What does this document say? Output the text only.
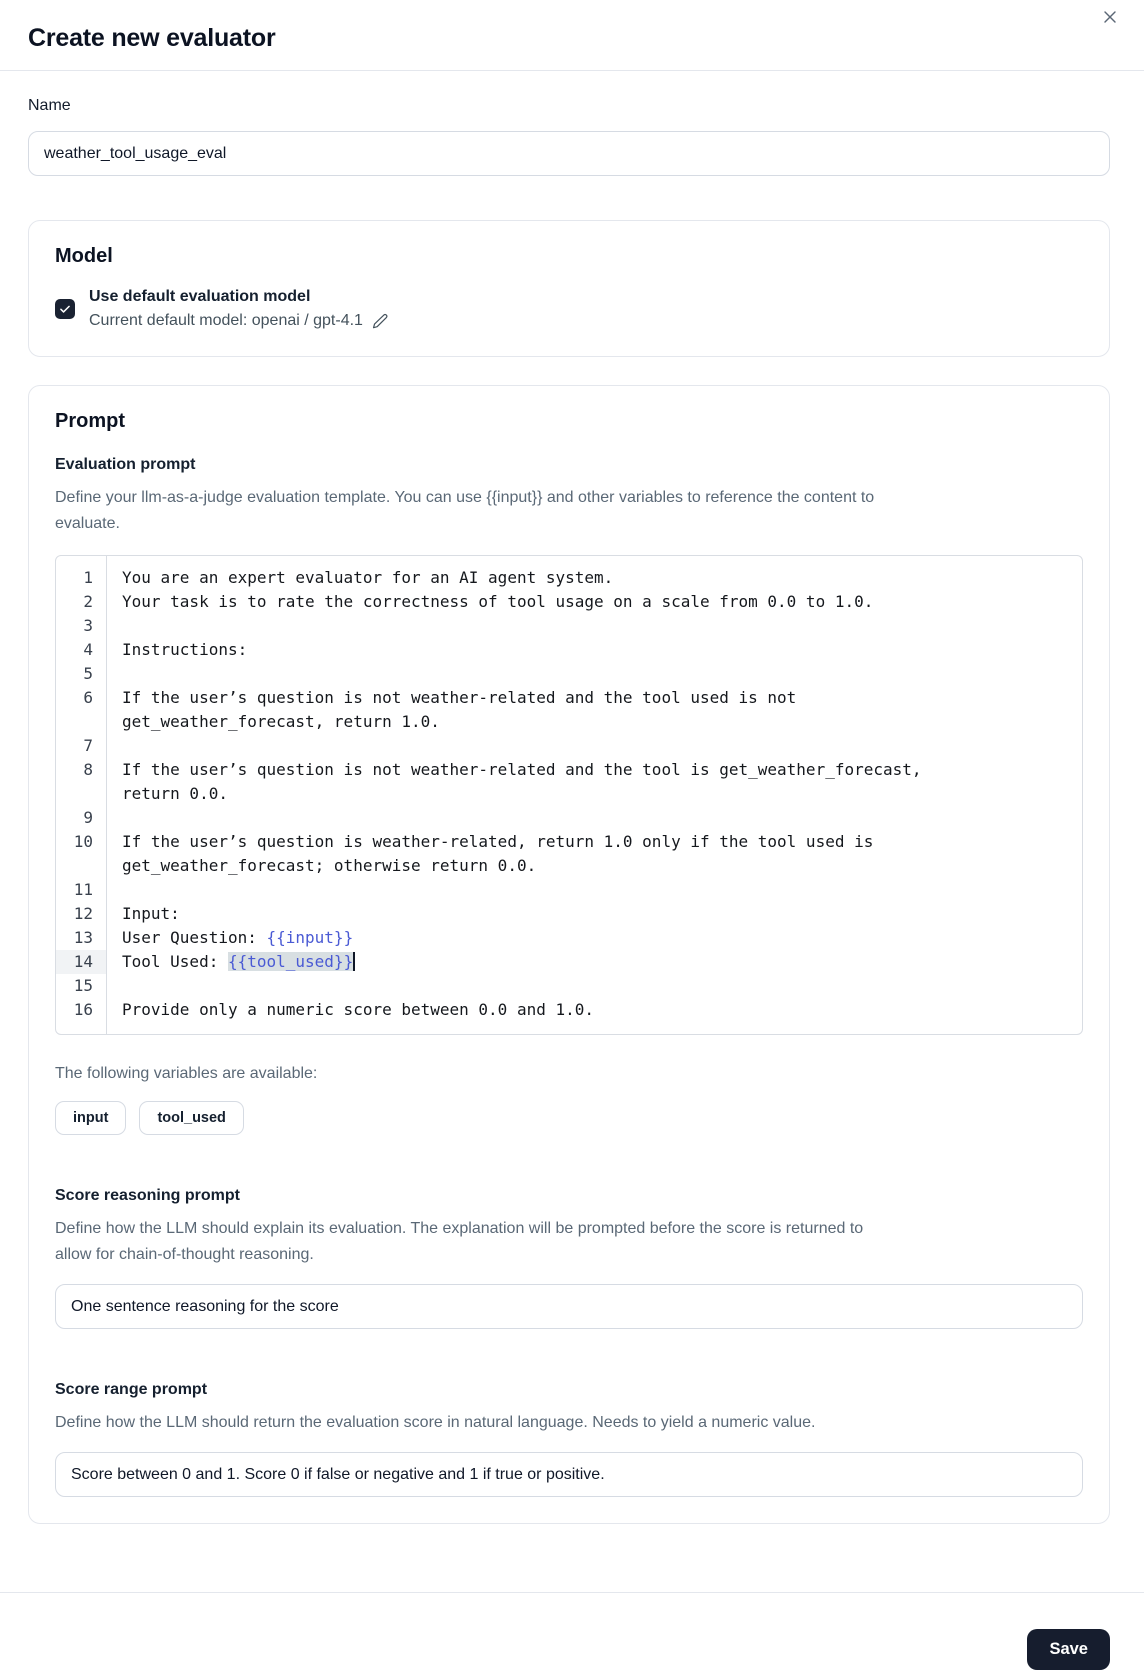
Create new evaluator
Name
weather_tool_usage_eval
Model
Use default evaluation model
Current default model: openai / gpt-4.1
Prompt
Evaluation prompt

Define your llm-as-a-judge evaluation template. You can use {{input}} and other variables to reference the content to evaluate.

1	You are an expert evaluator for an AI agent system.
2	Your task is to rate the correctness of tool usage on a scale from 0.0 to 1.0.
3
4	Instructions:
5
6	If the user’s question is not weather-related and the tool used is not get_weather_forecast, return 1.0.
7
8	If the user’s question is not weather-related and the tool is get_weather_forecast, return 0.0.
9
10	If the user’s question is weather-related, return 1.0 only if the tool used is get_weather_forecast; otherwise return 0.0.
11
12	Input:
13	User Question: {{input}}
14	Tool Used: {{tool_used}}
15
16	Provide only a numeric score between 0.0 and 1.0.

The following variables are available:

input	tool_used
Score reasoning prompt

Define how the LLM should explain its evaluation. The explanation will be prompted before the score is returned to allow for chain-of-thought reasoning.

One sentence reasoning for the score
Score range prompt

Define how the LLM should return the evaluation score in natural language. Needs to yield a numeric value.

Score between 0 and 1. Score 0 if false or negative and 1 if true or positive.
Save
